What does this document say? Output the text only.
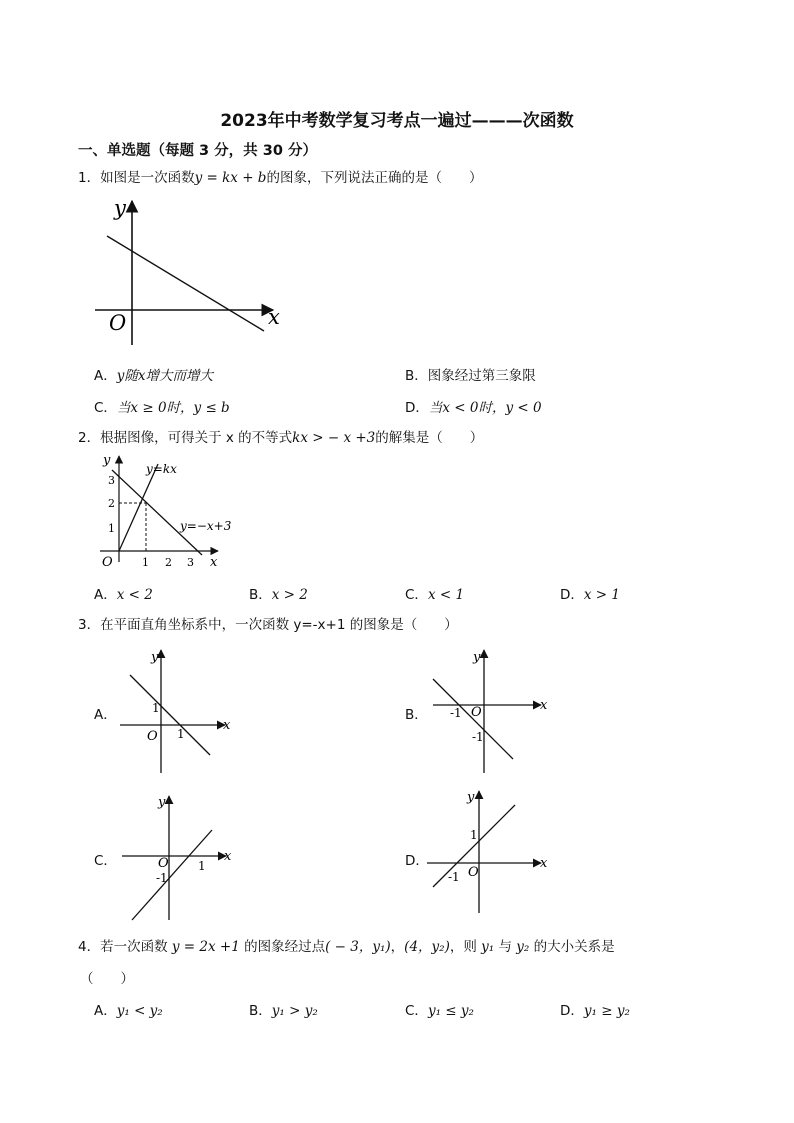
2023年中考数学复习考点一遍过———次函数
一、单选题（每题 3 分，共 30 分）
1．如图是一次函数y = kx + b的图象，下列说法正确的是（　　）
y
x
O
A．y随x增大而增大	B．图象经过第三象限
C．当x ≥ 0时，y ≤ b	D．当x < 0时，y < 0
2．根据图像，可得关于 x 的不等式kx > − x +3的解集是（　　）
y
x
O
y=kx
y=−x+3
1 2 3
1
2
3
A．x < 2	B．x > 2	C．x < 1	D．x > 1
3．在平面直角坐标系中，一次函数 y=-x+1 的图象是（　　）
A．
y
x
O
1
1
B．
y
x
O
-1
-1
C．
y
x
O 1
-1
D．
y
x
O
1
-1
4．若一次函数 y = 2x +1 的图象经过点( − 3，y₁)，(4，y₂)，则 y₁ 与 y₂ 的大小关系是
（　　）
A．y₁ < y₂	B．y₁ > y₂	C．y₁ ≤ y₂	D．y₁ ≥ y₂
